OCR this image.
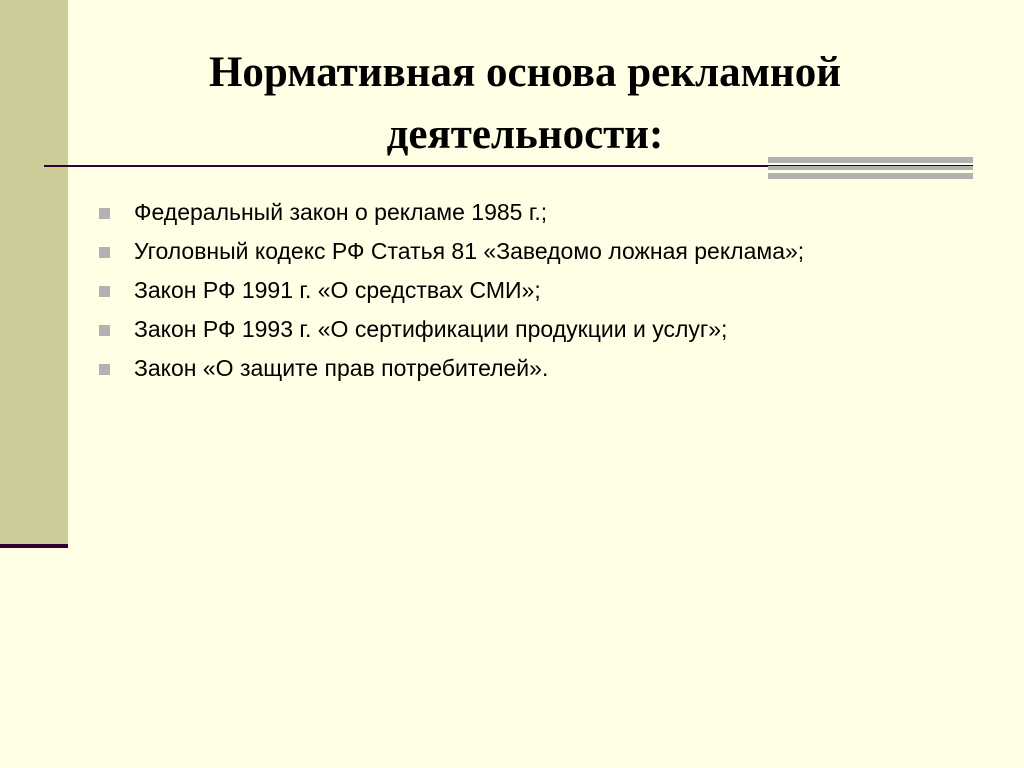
Нормативная основа рекламной деятельности:
Федеральный закон о рекламе 1985 г.;
Уголовный кодекс РФ Статья 81 «Заведомо ложная реклама»;
Закон РФ 1991 г. «О средствах СМИ»;
Закон РФ 1993 г. «О сертификации продукции и услуг»;
Закон «О защите прав потребителей».
